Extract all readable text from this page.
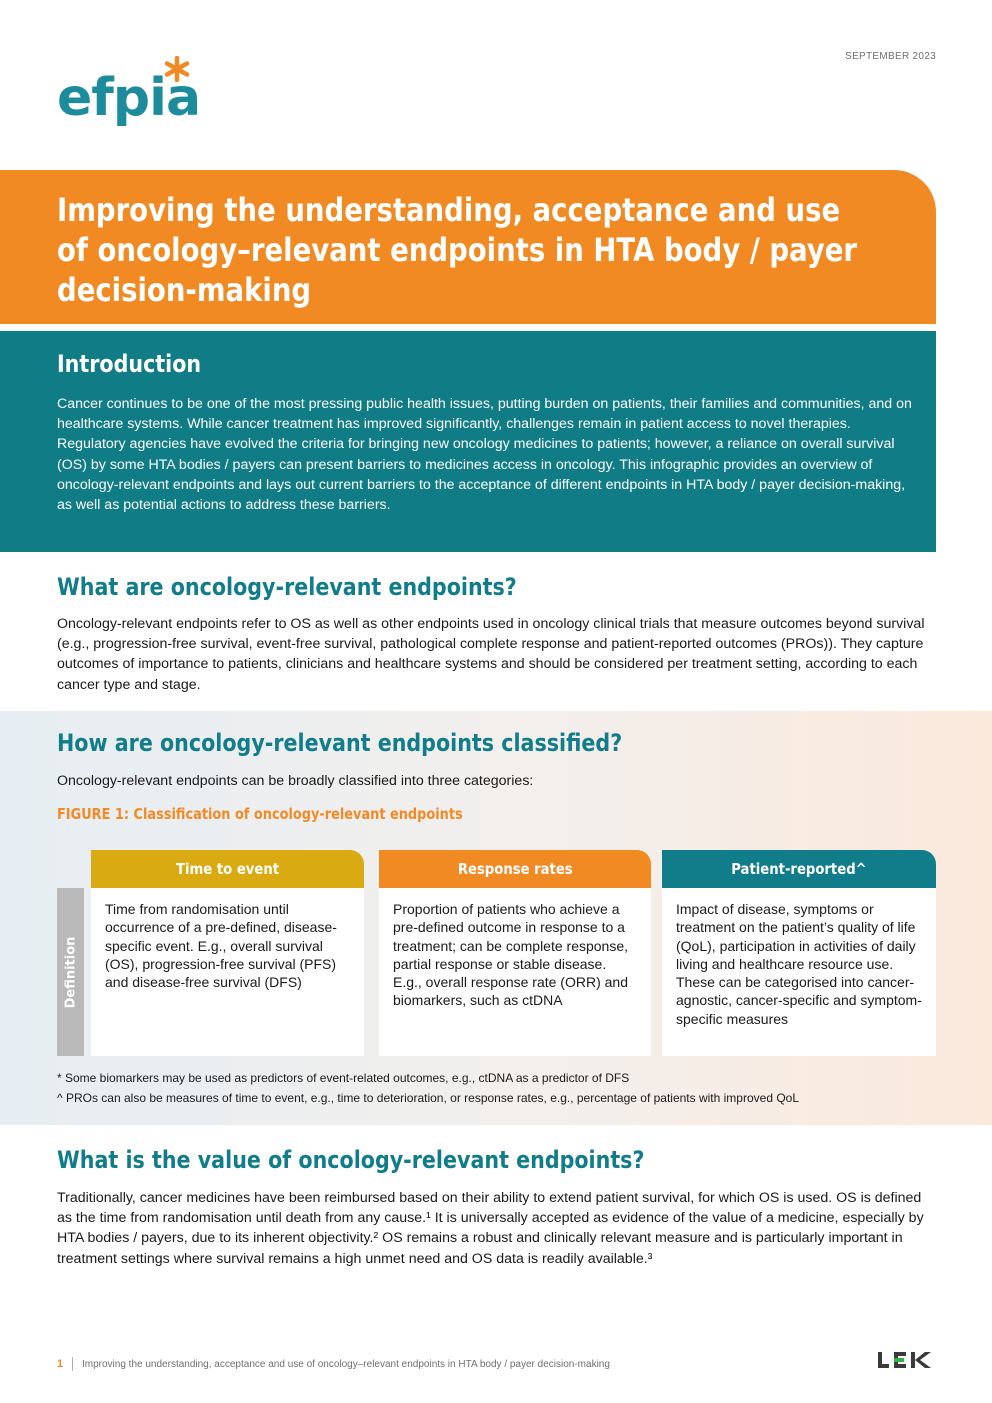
SEPTEMBER 2023
efpia
Improving the understanding, acceptance and use
of oncology–relevant endpoints in HTA body / payer
decision-making
Introduction
Cancer continues to be one of the most pressing public health issues, putting burden on patients, their families and communities, and on healthcare systems. While cancer treatment has improved significantly, challenges remain in patient access to novel therapies. Regulatory agencies have evolved the criteria for bringing new oncology medicines to patients; however, a reliance on overall survival (OS) by some HTA bodies / payers can present barriers to medicines access in oncology. This infographic provides an overview of oncology-relevant endpoints and lays out current barriers to the acceptance of different endpoints in HTA body / payer decision-making, as well as potential actions to address these barriers.
What are oncology-relevant endpoints?
Oncology-relevant endpoints refer to OS as well as other endpoints used in oncology clinical trials that measure outcomes beyond survival (e.g., progression-free survival, event-free survival, pathological complete response and patient-reported outcomes (PROs)). They capture outcomes of importance to patients, clinicians and healthcare systems and should be considered per treatment setting, according to each cancer type and stage.
How are oncology-relevant endpoints classified?
Oncology-relevant endpoints can be broadly classified into three categories:
FIGURE 1: Classification of oncology-relevant endpoints
Definition
Time to event
Time from randomisation until occurrence of a pre-defined, disease-specific event. E.g., overall survival (OS), progression-free survival (PFS) and disease-free survival (DFS)
Response rates
Proportion of patients who achieve a pre-defined outcome in response to a treatment; can be complete response, partial response or stable disease. E.g., overall response rate (ORR) and biomarkers, such as ctDNA
Patient-reported^
Impact of disease, symptoms or treatment on the patient’s quality of life (QoL), participation in activities of daily living and healthcare resource use. These can be categorised into cancer-agnostic, cancer-specific and symptom-specific measures
* Some biomarkers may be used as predictors of event-related outcomes, e.g., ctDNA as a predictor of DFS
^ PROs can also be measures of time to event, e.g., time to deterioration, or response rates, e.g., percentage of patients with improved QoL
What is the value of oncology-relevant endpoints?
Traditionally, cancer medicines have been reimbursed based on their ability to extend patient survival, for which OS is used. OS is defined as the time from randomisation until death from any cause.¹ It is universally accepted as evidence of the value of a medicine, especially by HTA bodies / payers, due to its inherent objectivity.² OS remains a robust and clinically relevant measure and is particularly important in treatment settings where survival remains a high unmet need and OS data is readily available.³
1 Improving the understanding, acceptance and use of oncology–relevant endpoints in HTA body / payer decision-making
